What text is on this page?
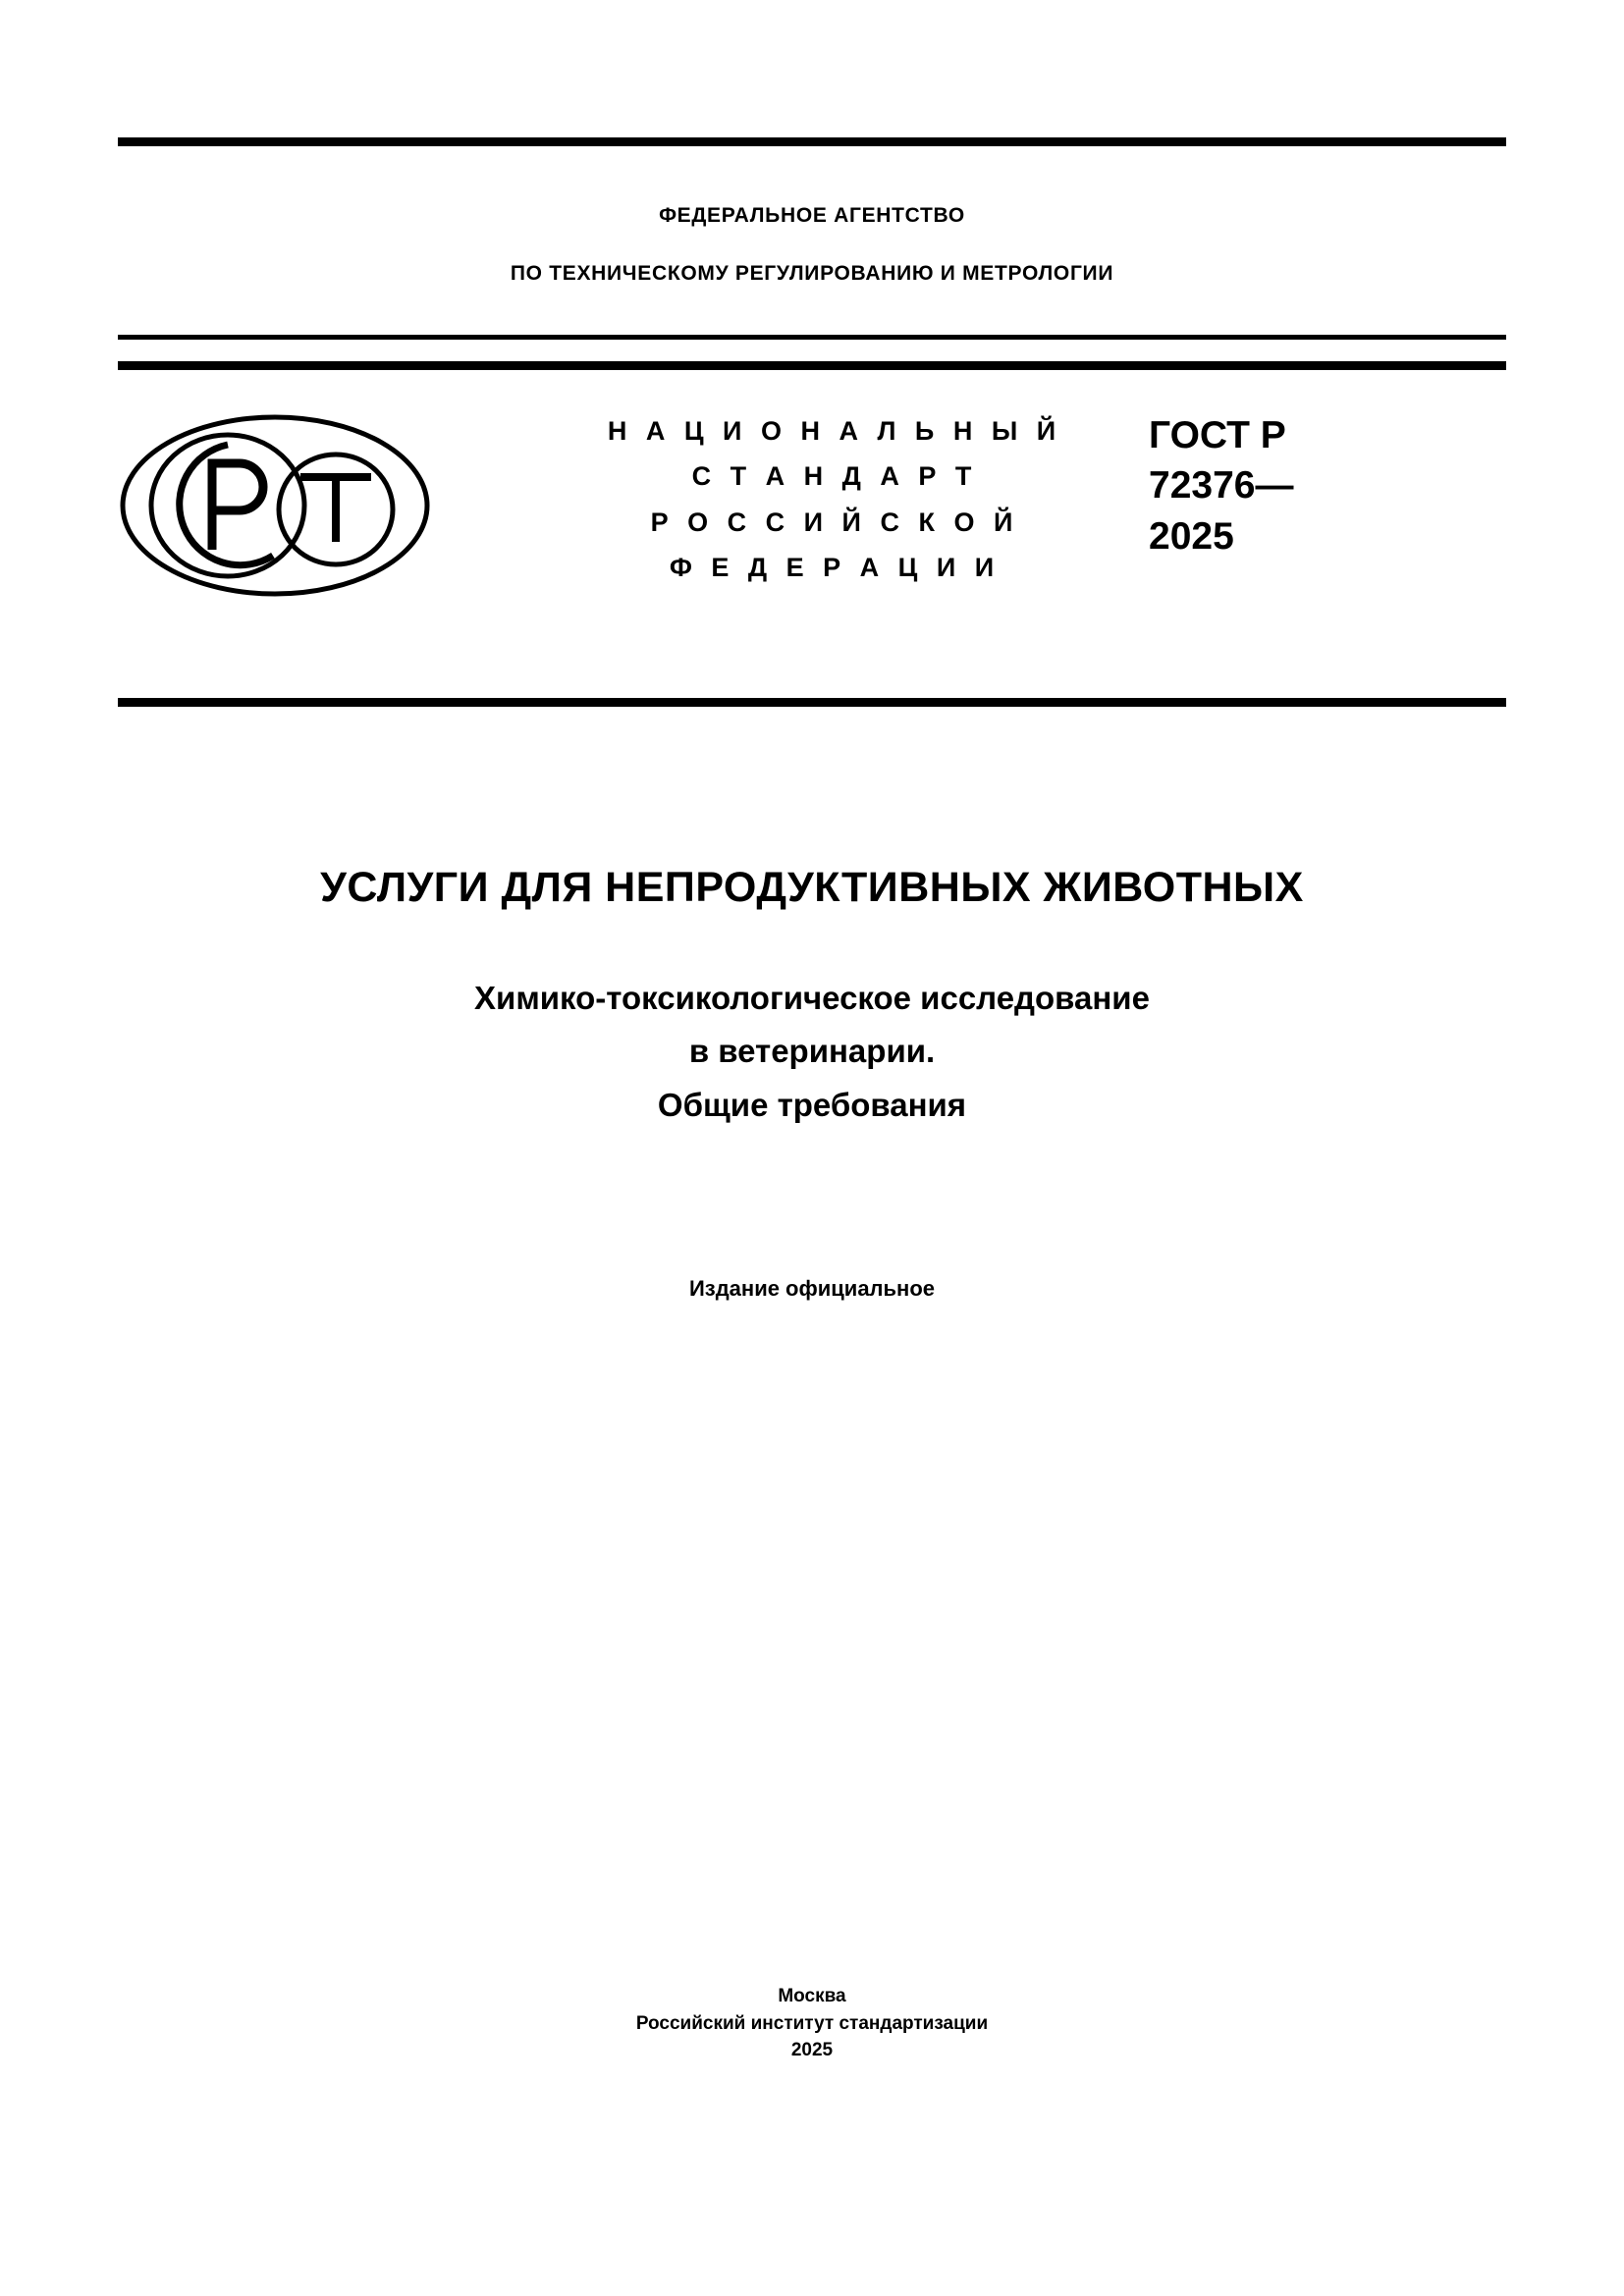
ФЕДЕРАЛЬНОЕ АГЕНТСТВО
ПО ТЕХНИЧЕСКОМУ РЕГУЛИРОВАНИЮ И МЕТРОЛОГИИ
Н А Ц И О Н А Л Ь Н Ы Й
С Т А Н Д А Р Т
Р О С С И Й С К О Й
Ф Е Д Е Р А Ц И И
ГОСТ Р
72376—
2025
УСЛУГИ ДЛЯ НЕПРОДУКТИВНЫХ ЖИВОТНЫХ
Химико-токсикологическое исследование
в ветеринарии.
Общие требования
Издание официальное
Москва
Российский институт стандартизации
2025
